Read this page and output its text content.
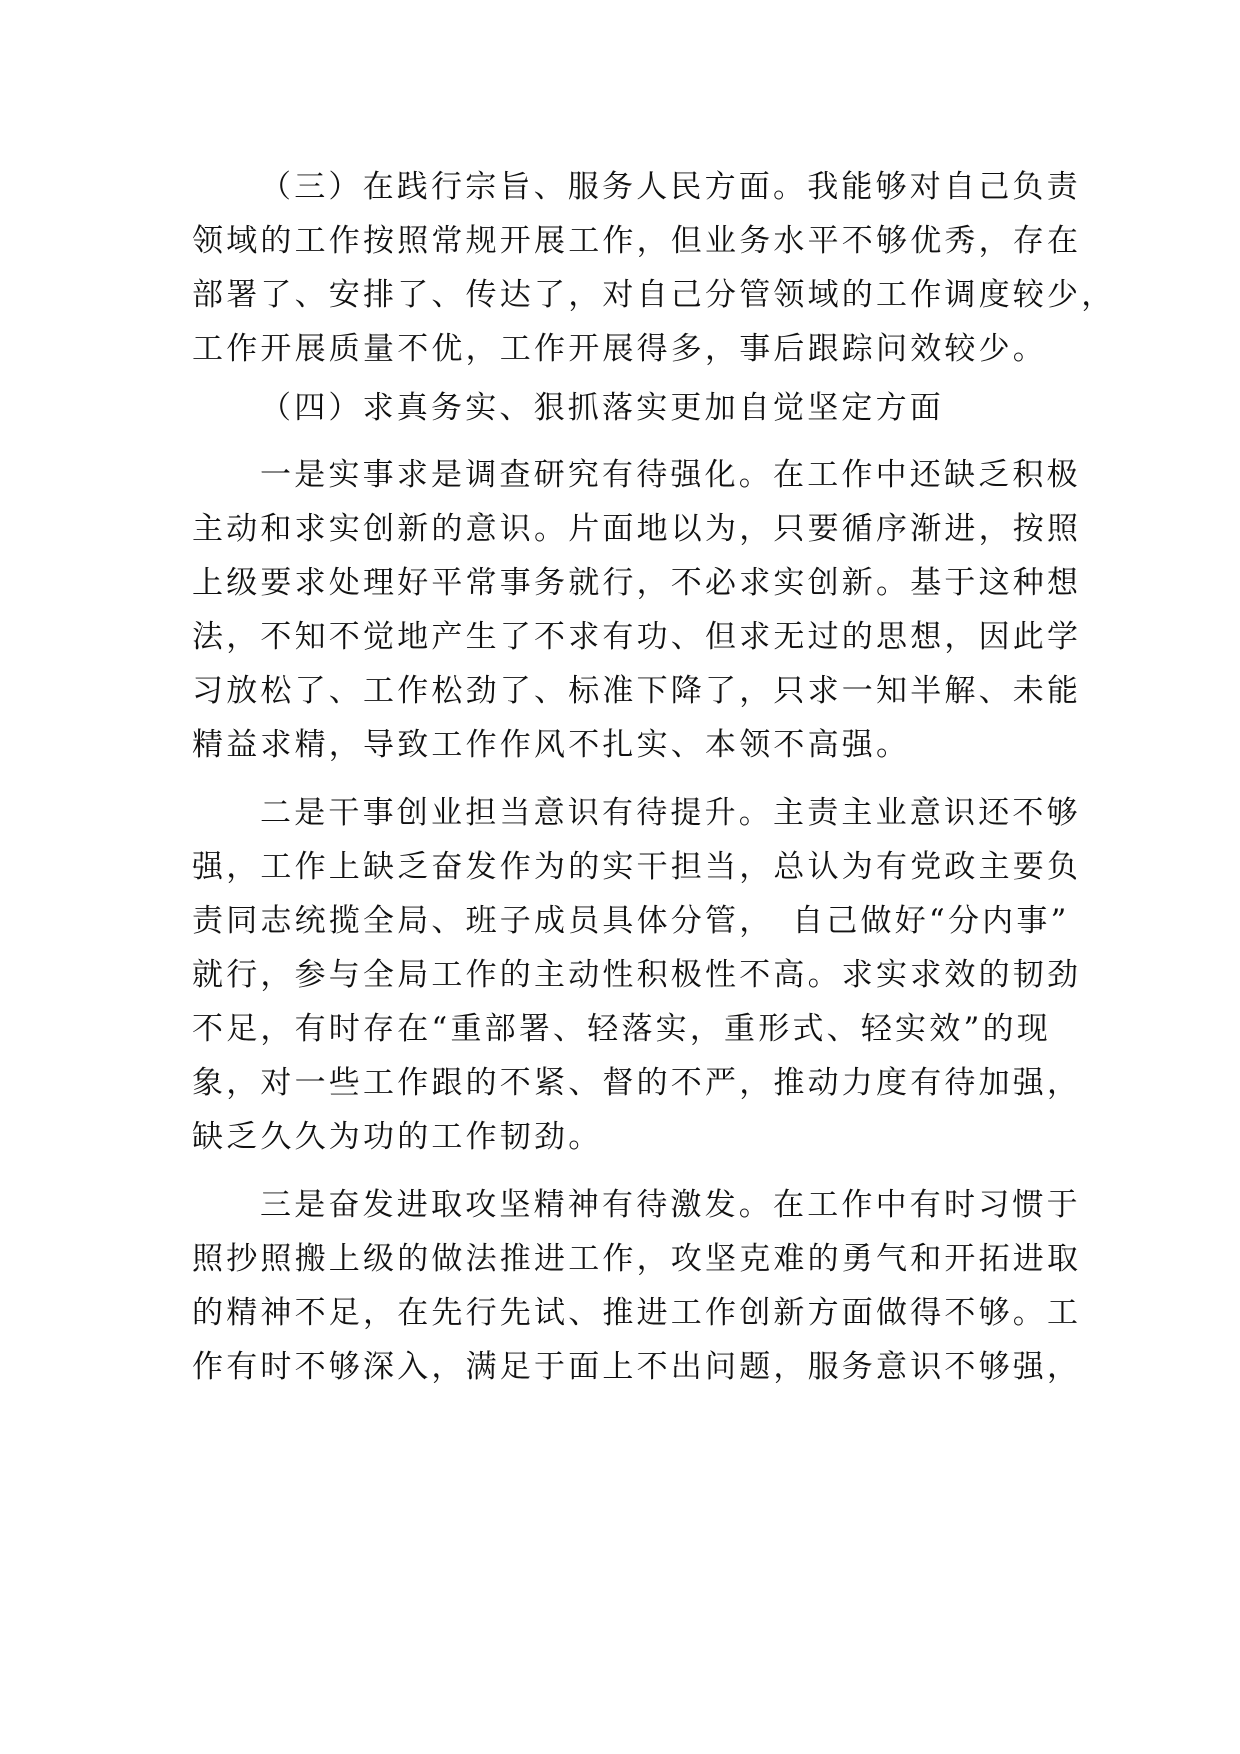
（三）在践行宗旨、服务人民方面。我能够对自己负责
领域的工作按照常规开展工作，但业务水平不够优秀，存在
部署了、安排了、传达了，对自己分管领域的工作调度较少，
工作开展质量不优，工作开展得多，事后跟踪问效较少。
（四）求真务实、狠抓落实更加自觉坚定方面
一是实事求是调查研究有待强化。在工作中还缺乏积极
主动和求实创新的意识。片面地以为，只要循序渐进，按照
上级要求处理好平常事务就行，不必求实创新。基于这种想
法，不知不觉地产生了不求有功、但求无过的思想，因此学
习放松了、工作松劲了、标准下降了，只求一知半解、未能
精益求精，导致工作作风不扎实、本领不高强。
二是干事创业担当意识有待提升。主责主业意识还不够
强，工作上缺乏奋发作为的实干担当，总认为有党政主要负
责同志统揽全局、班子成员具体分管，　自己做好“分内事”
就行，参与全局工作的主动性积极性不高。求实求效的韧劲
不足，有时存在“重部署、轻落实，重形式、轻实效”的现
象，对一些工作跟的不紧、督的不严，推动力度有待加强，
缺乏久久为功的工作韧劲。
三是奋发进取攻坚精神有待激发。在工作中有时习惯于
照抄照搬上级的做法推进工作，攻坚克难的勇气和开拓进取
的精神不足，在先行先试、推进工作创新方面做得不够。工
作有时不够深入，满足于面上不出问题，服务意识不够强，
